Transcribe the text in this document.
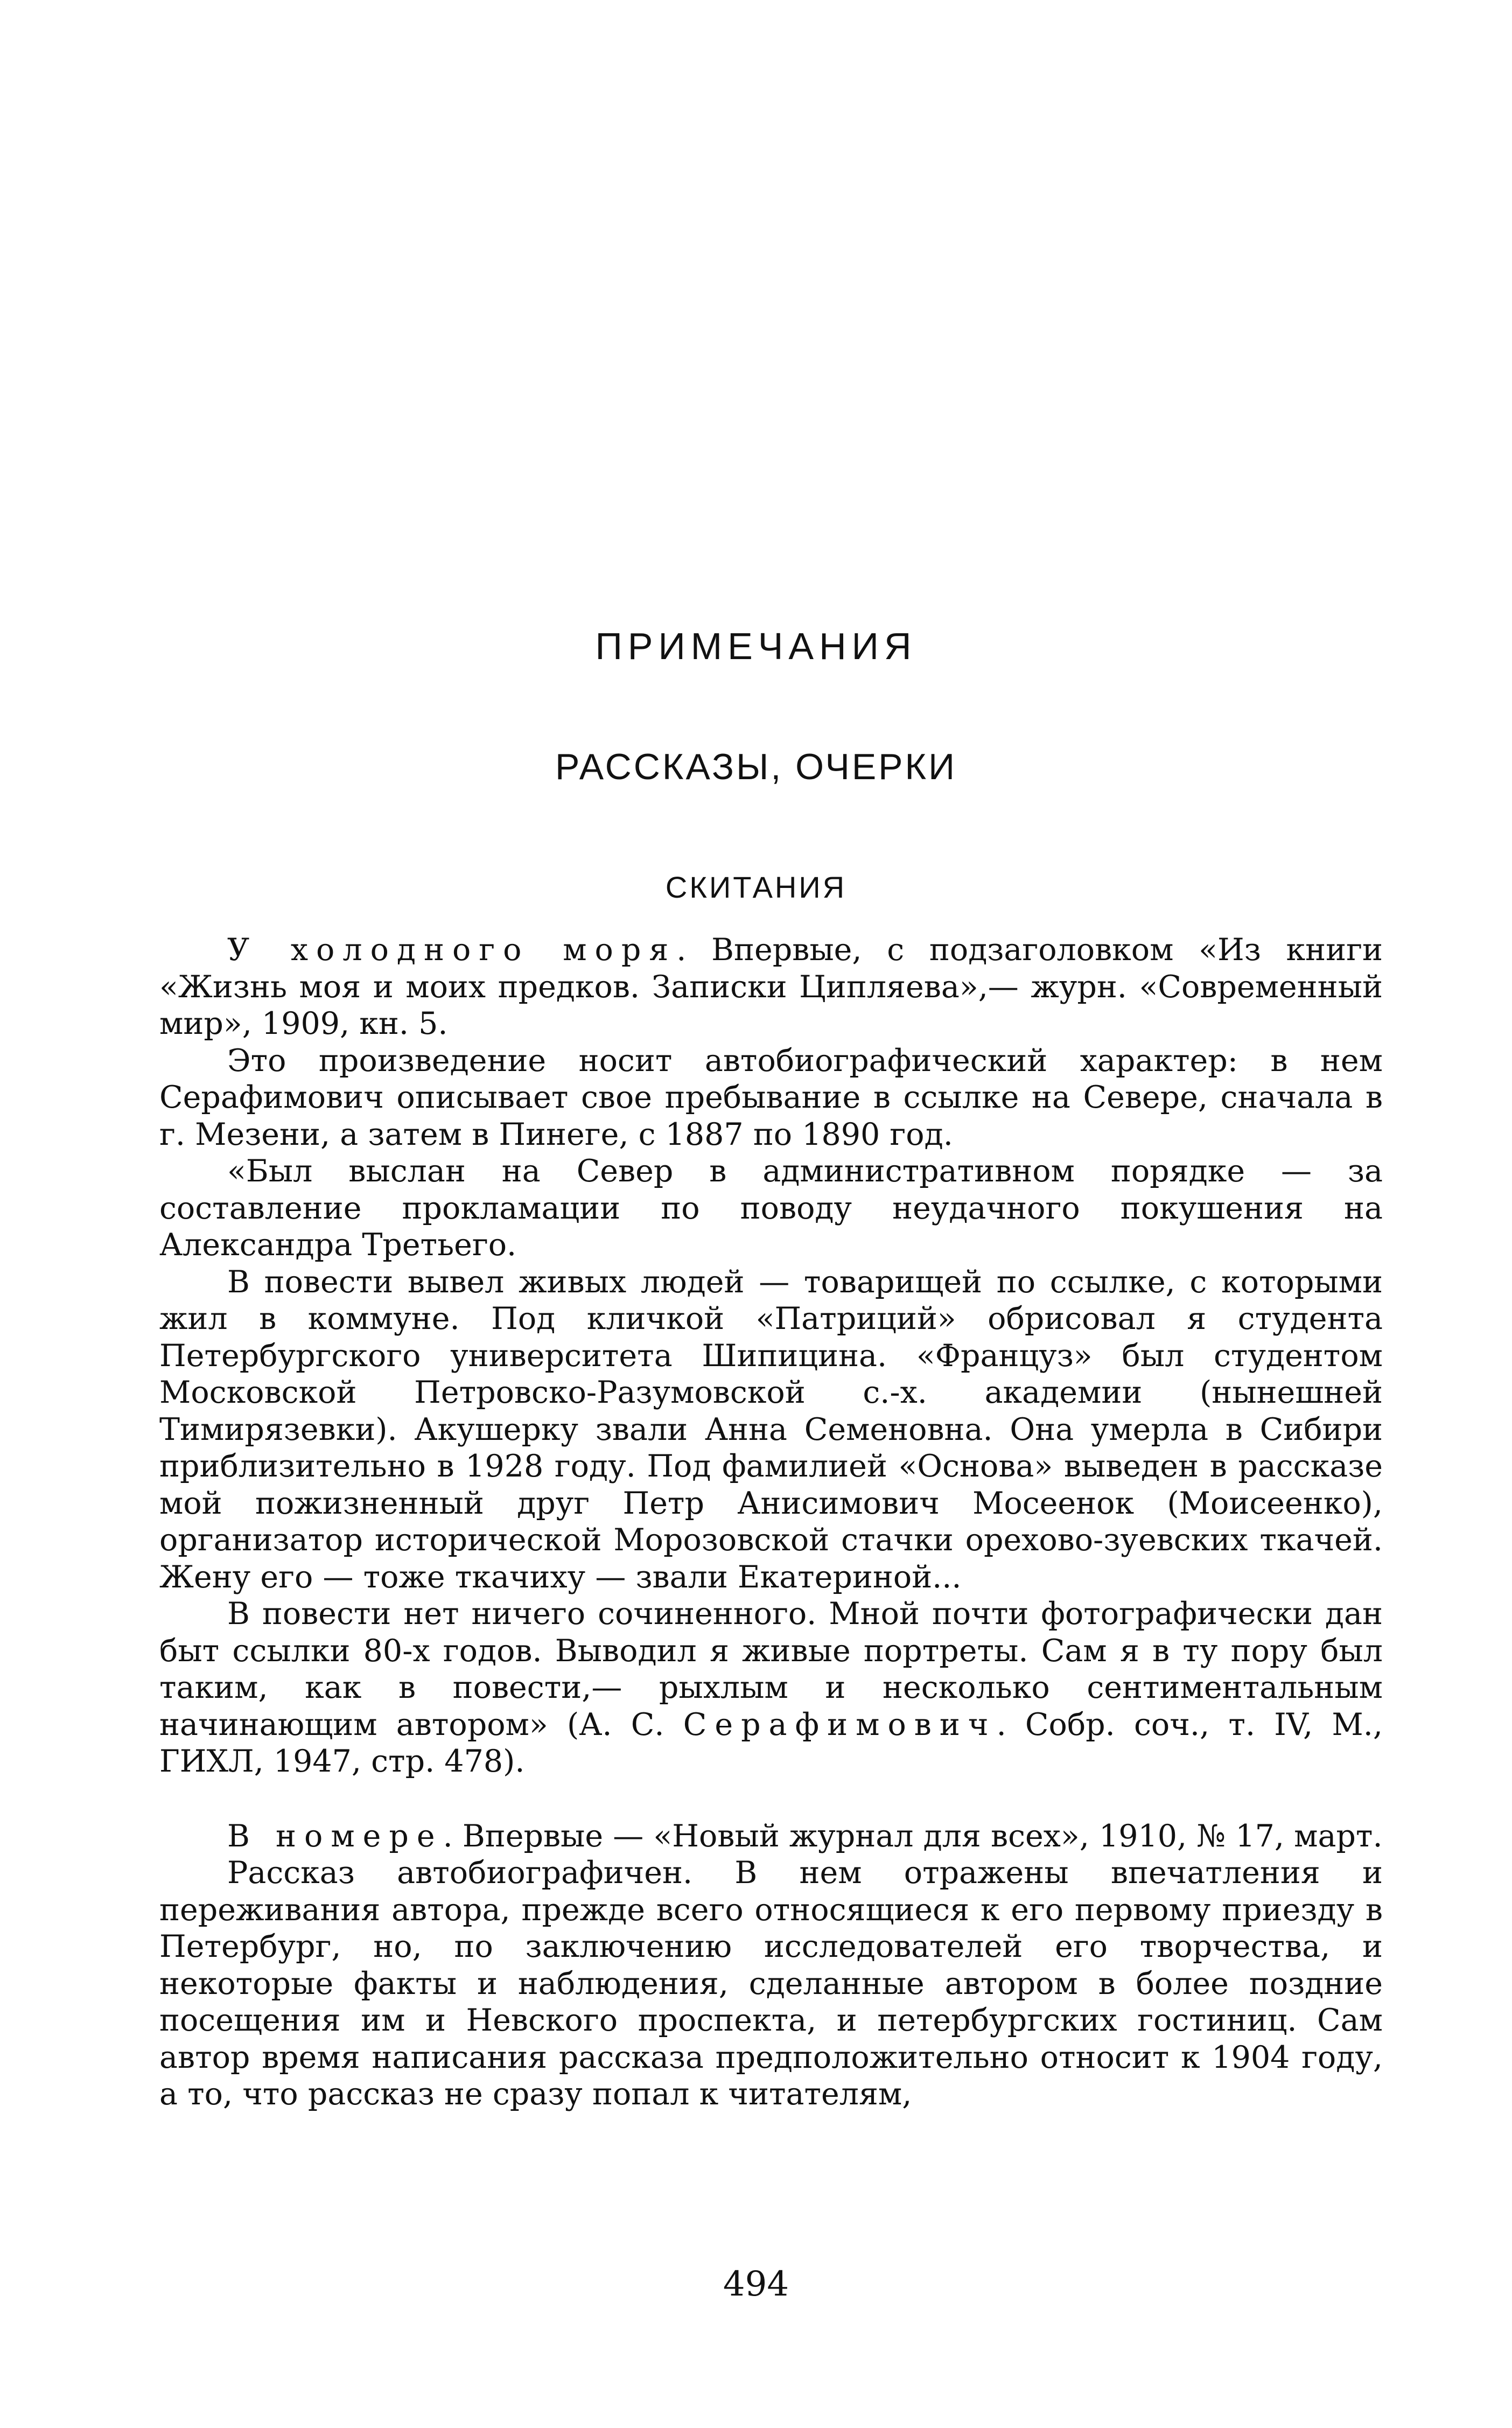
ПРИМЕЧАНИЯ
РАССКАЗЫ, ОЧЕРКИ
СКИТАНИЯ

У холодного моря. Впервые, с подзаголовком «Из книги «Жизнь моя и моих предков. Записки Ципляева»,— журн. «Современный мир», 1909, кн. 5.

Это произведение носит автобиографический характер: в нем Серафимович описывает свое пребывание в ссылке на Севере, сначала в г. Мезени, а затем в Пинеге, с 1887 по 1890 год.

«Был выслан на Север в административном порядке — за составление прокламации по поводу неудачного покушения на Александра Третьего.

В повести вывел живых людей — товарищей по ссылке, с которыми жил в коммуне. Под кличкой «Патриций» обрисовал я студента Петербургского университета Шипицина. «Француз» был студентом Московской Петровско-Разумовской с.-х. академии (нынешней Тимирязевки). Акушерку звали Анна Семеновна. Она умерла в Сибири приблизительно в 1928 году. Под фамилией «Основа» выведен в рассказе мой пожизненный друг Петр Анисимович Мосеенок (Моисеенко), организатор исторической Морозовской стачки орехово-зуевских ткачей. Жену его — тоже ткачиху — звали Екатериной...

В повести нет ничего сочиненного. Мной почти фотографически дан быт ссылки 80-х годов. Выводил я живые портреты. Сам я в ту пору был таким, как в повести,— рыхлым и несколько сентиментальным начинающим автором» (А. С. Серафимович. Собр. соч., т. IV, М., ГИХЛ, 1947, стр. 478).

В номере. Впервые — «Новый журнал для всех», 1910, № 17, март.

Рассказ автобиографичен. В нем отражены впечатления и переживания автора, прежде всего относящиеся к его первому приезду в Петербург, но, по заключению исследователей его творчества, и некоторые факты и наблюдения, сделанные автором в более поздние посещения им и Невского проспекта, и петербургских гостиниц. Сам автор время написания рассказа предположительно относит к 1904 году, а то, что рассказ не сразу попал к читателям,

494
